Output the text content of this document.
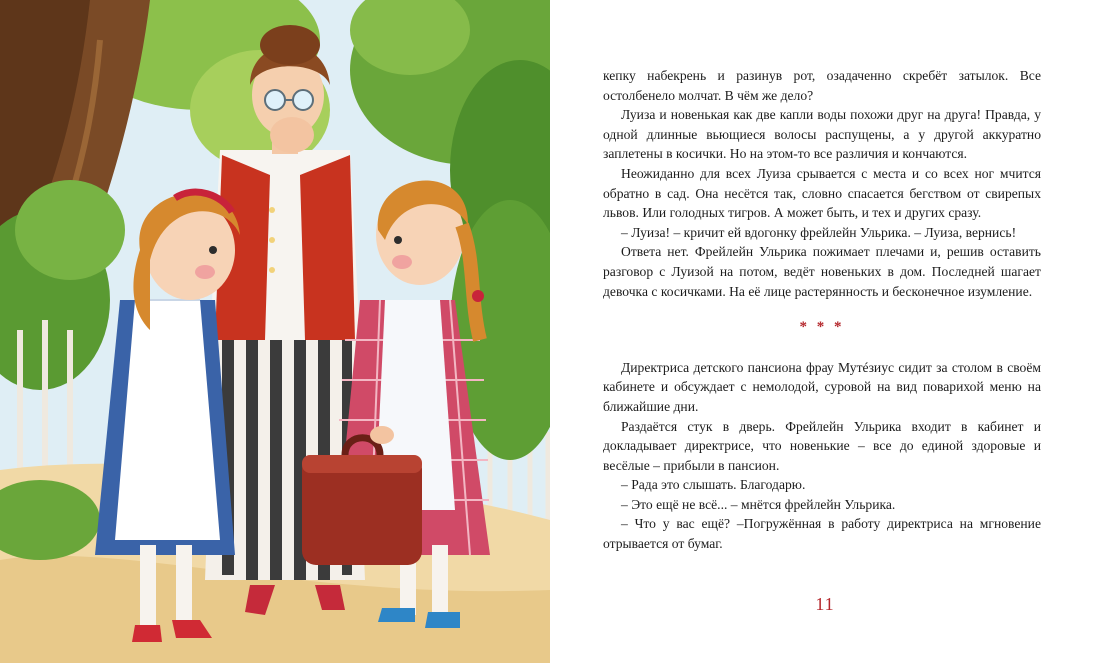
кепку набекрень и разинув рот, озадаченно скребёт затылок. Все остолбенело молчат. В чём же дело?

Луиза и новенькая как две капли воды похожи друг на друга! Правда, у одной длинные вьющиеся волосы распущены, а у другой аккуратно заплетены в косички. Но на этом-то все различия и кончаются.

Неожиданно для всех Луиза срывается с места и со всех ног мчится обратно в сад. Она несётся так, словно спасается бегством от свирепых львов. Или голодных тигров. А может быть, и тех и других сразу.

– Луиза! – кричит ей вдогонку фрейлейн Ульрика. – Луиза, вернись!

Ответа нет. Фрейлейн Ульрика пожимает плечами и, решив оставить разговор с Луизой на потом, ведёт новеньких в дом. Последней шагает девочка с косичками. На её лице растерянность и бесконечное изумление.

* * *

Директриса детского пансиона фрау Мутéзиус сидит за столом в своём кабинете и обсуждает с немолодой, суровой на вид поварихой меню на ближайшие дни.

Раздаётся стук в дверь. Фрейлейн Ульрика входит в кабинет и докладывает директрисе, что новенькие – все до единой здоровые и весёлые – прибыли в пансион.

– Рада это слышать. Благодарю.

– Это ещё не всё... – мнётся фрейлейн Ульрика.

– Что у вас ещё? –Погружённая в работу директриса на мгновение отрывается от бумаг.

11
